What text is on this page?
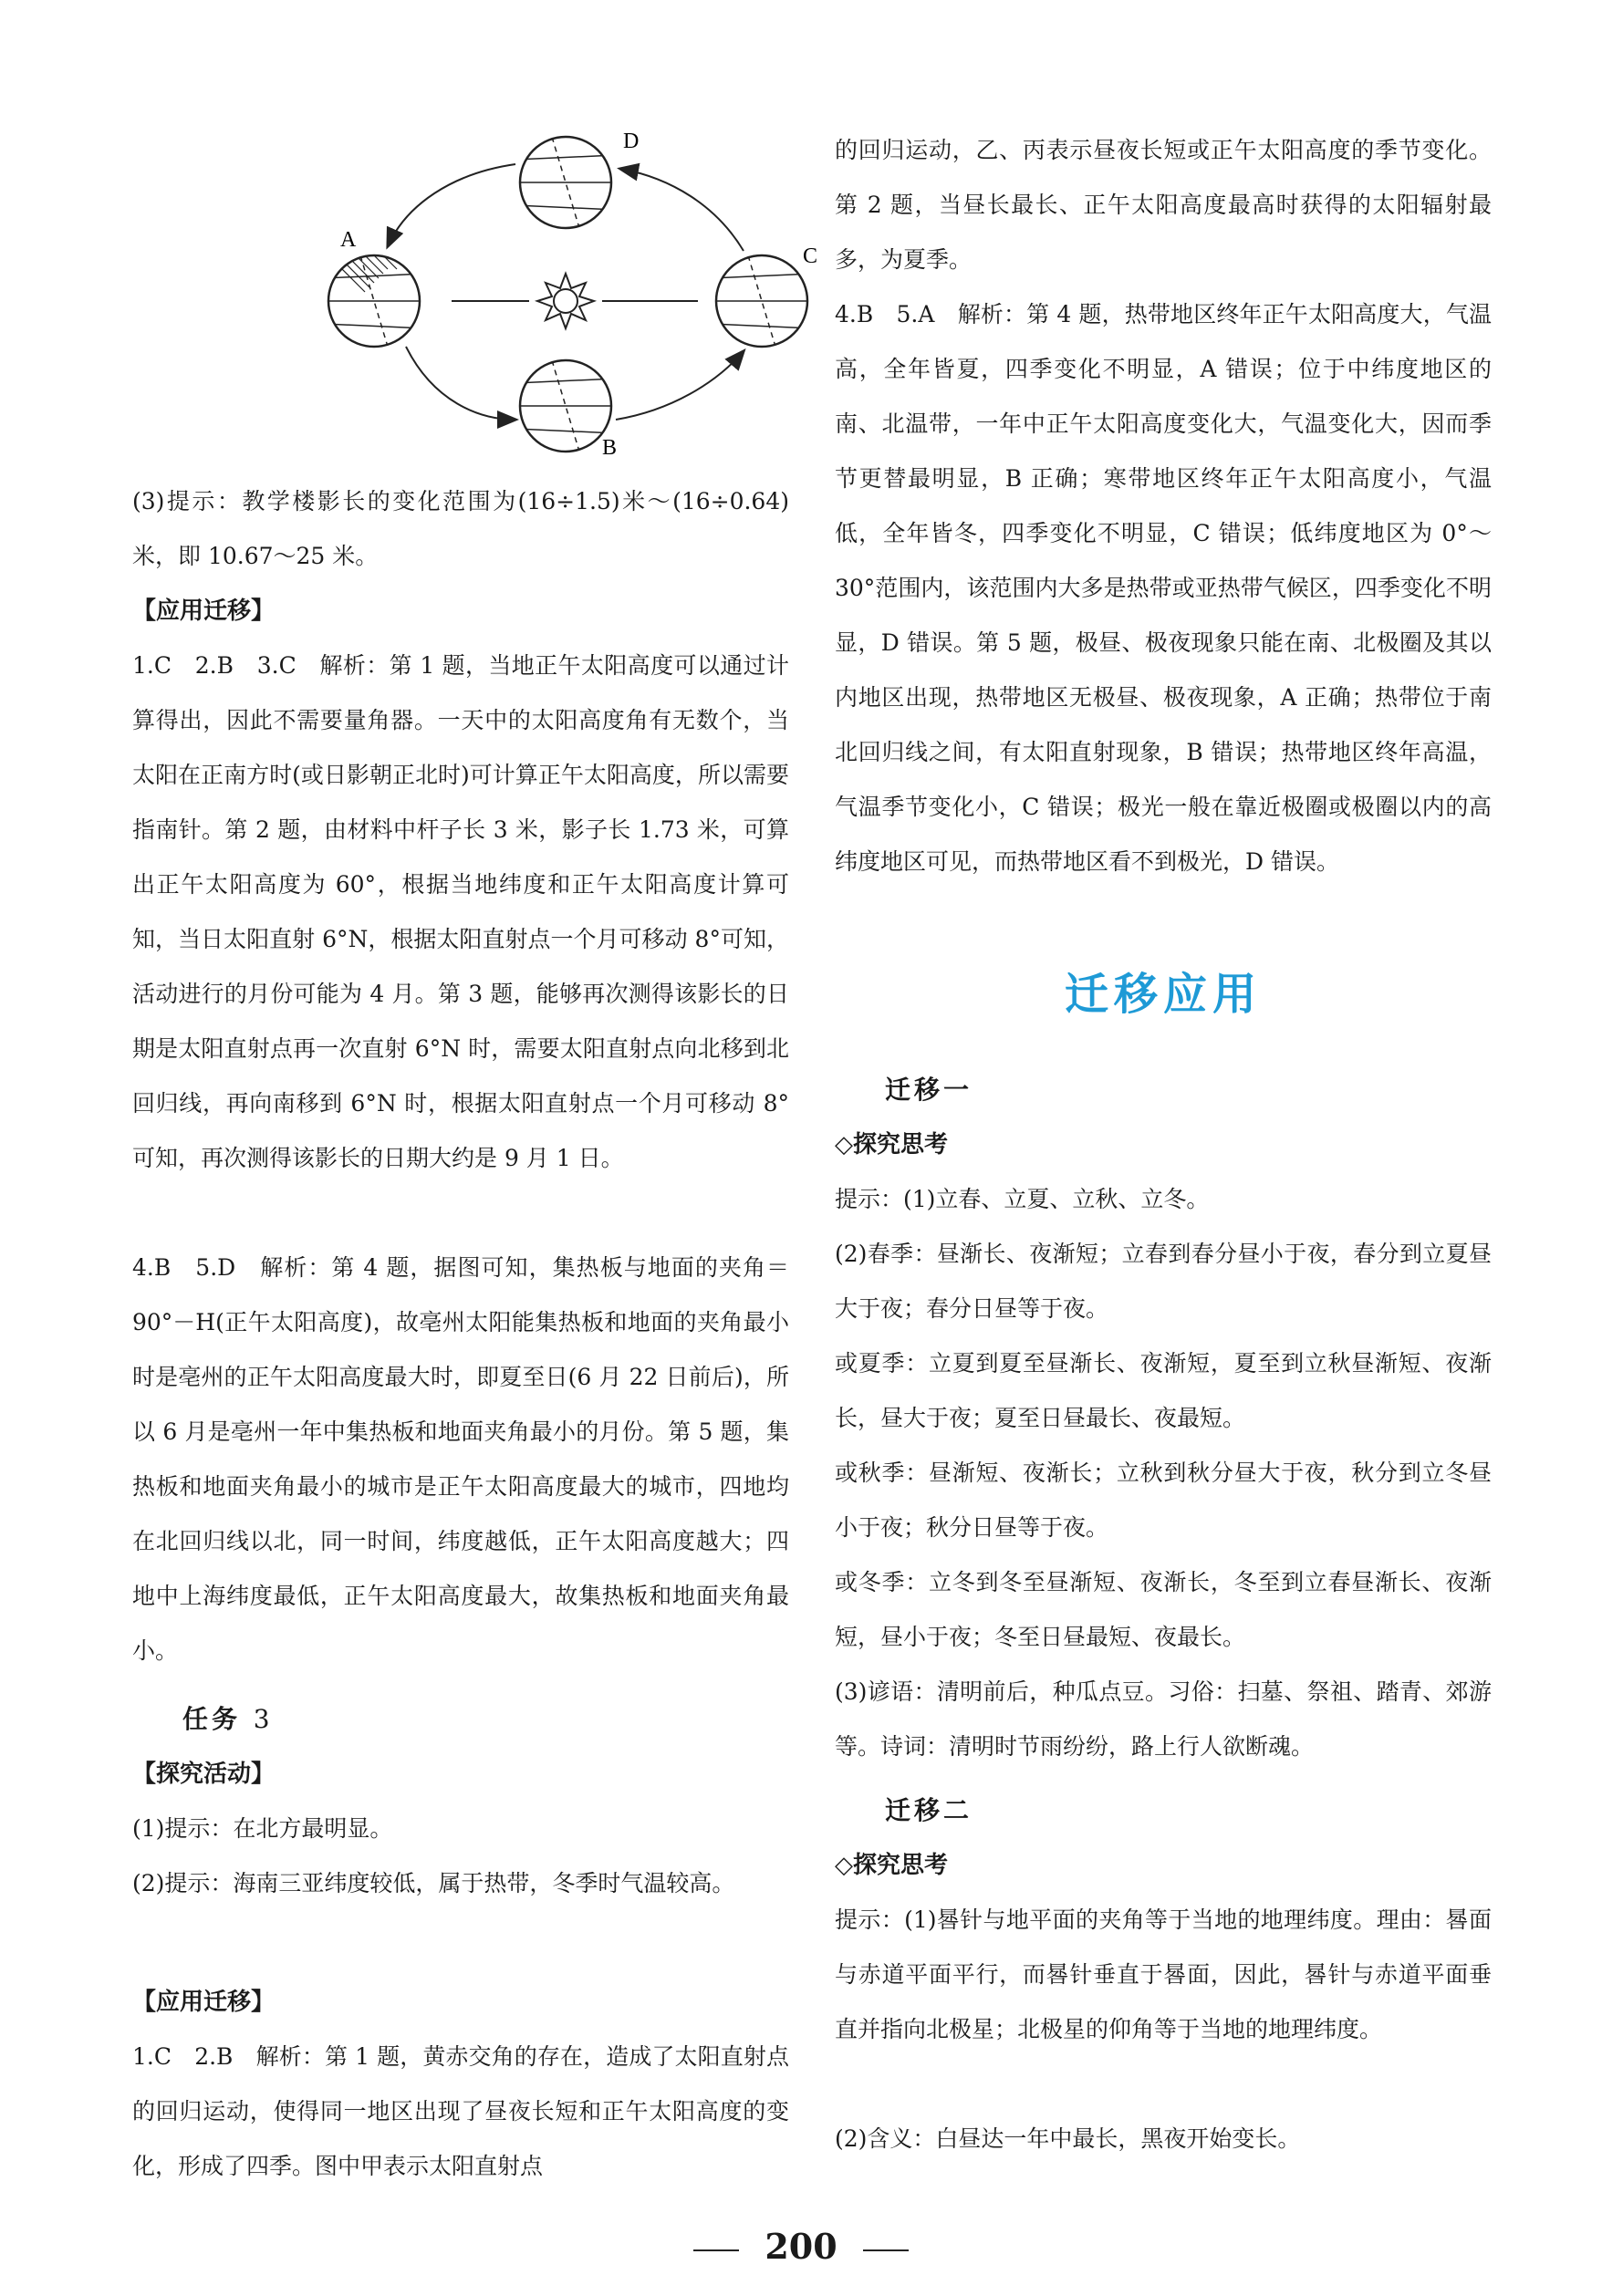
A
B
C
D

(3)提示：教学楼影长的变化范围为(16÷1.5)米～(16÷0.64)米，即 10.67～25 米。

【应用迁移】

1.C　2.B　3.C　解析：第 1 题，当地正午太阳高度可以通过计算得出，因此不需要量角器。一天中的太阳高度角有无数个，当太阳在正南方时(或日影朝正北时)可计算正午太阳高度，所以需要指南针。第 2 题，由材料中杆子长 3 米，影子长 1.73 米，可算出正午太阳高度为 60°，根据当地纬度和正午太阳高度计算可知，当日太阳直射 6°N，根据太阳直射点一个月可移动 8°可知，活动进行的月份可能为 4 月。第 3 题，能够再次测得该影长的日期是太阳直射点再一次直射 6°N 时，需要太阳直射点向北移到北回归线，再向南移到 6°N 时，根据太阳直射点一个月可移动 8°可知，再次测得该影长的日期大约是 9 月 1 日。

4.B　5.D　解析：第 4 题，据图可知，集热板与地面的夹角＝90°－H(正午太阳高度)，故亳州太阳能集热板和地面的夹角最小时是亳州的正午太阳高度最大时，即夏至日(6 月 22 日前后)，所以 6 月是亳州一年中集热板和地面夹角最小的月份。第 5 题，集热板和地面夹角最小的城市是正午太阳高度最大的城市，四地均在北回归线以北，同一时间，纬度越低，正午太阳高度越大；四地中上海纬度最低，正午太阳高度最大，故集热板和地面夹角最小。

任务 3
【探究活动】

(1)提示：在北方最明显。

(2)提示：海南三亚纬度较低，属于热带，冬季时气温较高。

【应用迁移】

1.C　2.B　解析：第 1 题，黄赤交角的存在，造成了太阳直射点的回归运动，使得同一地区出现了昼夜长短和正午太阳高度的变化，形成了四季。图中甲表示太阳直射点

的回归运动，乙、丙表示昼夜长短或正午太阳高度的季节变化。第 2 题，当昼长最长、正午太阳高度最高时获得的太阳辐射最多，为夏季。

4.B　5.A　解析：第 4 题，热带地区终年正午太阳高度大，气温高，全年皆夏，四季变化不明显，A 错误；位于中纬度地区的南、北温带，一年中正午太阳高度变化大，气温变化大，因而季节更替最明显，B 正确；寒带地区终年正午太阳高度小，气温低，全年皆冬，四季变化不明显，C 错误；低纬度地区为 0°～30°范围内，该范围内大多是热带或亚热带气候区，四季变化不明显，D 错误。第 5 题，极昼、极夜现象只能在南、北极圈及其以内地区出现，热带地区无极昼、极夜现象，A 正确；热带位于南北回归线之间，有太阳直射现象，B 错误；热带地区终年高温，气温季节变化小，C 错误；极光一般在靠近极圈或极圈以内的高纬度地区可见，而热带地区看不到极光，D 错误。

迁移应用
迁移一
◇探究思考

提示：(1)立春、立夏、立秋、立冬。

(2)春季：昼渐长、夜渐短；立春到春分昼小于夜，春分到立夏昼大于夜；春分日昼等于夜。

或夏季：立夏到夏至昼渐长、夜渐短，夏至到立秋昼渐短、夜渐长，昼大于夜；夏至日昼最长、夜最短。

或秋季：昼渐短、夜渐长；立秋到秋分昼大于夜，秋分到立冬昼小于夜；秋分日昼等于夜。

或冬季：立冬到冬至昼渐短、夜渐长，冬至到立春昼渐长、夜渐短，昼小于夜；冬至日昼最短、夜最长。

(3)谚语：清明前后，种瓜点豆。习俗：扫墓、祭祖、踏青、郊游等。诗词：清明时节雨纷纷，路上行人欲断魂。

迁移二
◇探究思考

提示：(1)晷针与地平面的夹角等于当地的地理纬度。理由：晷面与赤道平面平行，而晷针垂直于晷面，因此，晷针与赤道平面垂直并指向北极星；北极星的仰角等于当地的地理纬度。

(2)含义：白昼达一年中最长，黑夜开始变长。

200
